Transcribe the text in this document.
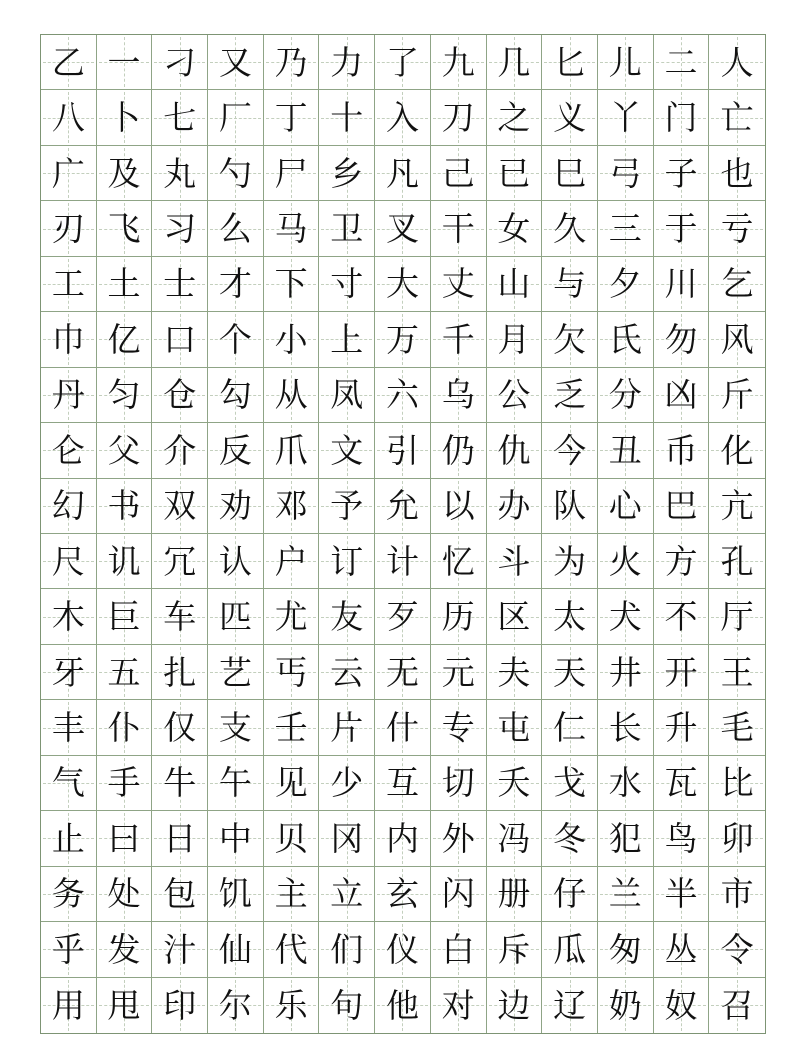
乙 一 刁 又 乃 力 了 九 几 匕 儿 二 人
八 卜 七 厂 丁 十 入 刀 之 义 丫 门 亡
广 及 丸 勺 尸 乡 凡 己 已 巳 弓 子 也
刃 飞 习 么 马 卫 叉 干 女 久 三 于 亏
工 土 士 才 下 寸 大 丈 山 与 夕 川 乞
巾 亿 口 个 小 上 万 千 月 欠 氏 勿 风
丹 匀 仓 勾 从 凤 六 乌 公 乏 分 凶 斤
仑 父 介 反 爪 文 引 仍 仇 今 丑 币 化
幻 书 双 劝 邓 予 允 以 办 队 心 巴 亢
尺 讥 冗 认 户 订 计 忆 斗 为 火 方 孔
木 巨 车 匹 尤 友 歹 历 区 太 犬 不 厅
牙 五 扎 艺 丐 云 无 元 夫 天 井 开 王
丰 仆 仅 支 壬 片 什 专 屯 仁 长 升 毛
气 手 牛 午 见 少 互 切 夭 戈 水 瓦 比
止 曰 日 中 贝 冈 内 外 冯 冬 犯 鸟 卯
务 处 包 饥 主 立 玄 闪 册 仔 兰 半 市
乎 发 汁 仙 代 们 仪 白 斥 瓜 匆 丛 令
用 甩 印 尔 乐 句 他 对 边 辽 奶 奴 召
